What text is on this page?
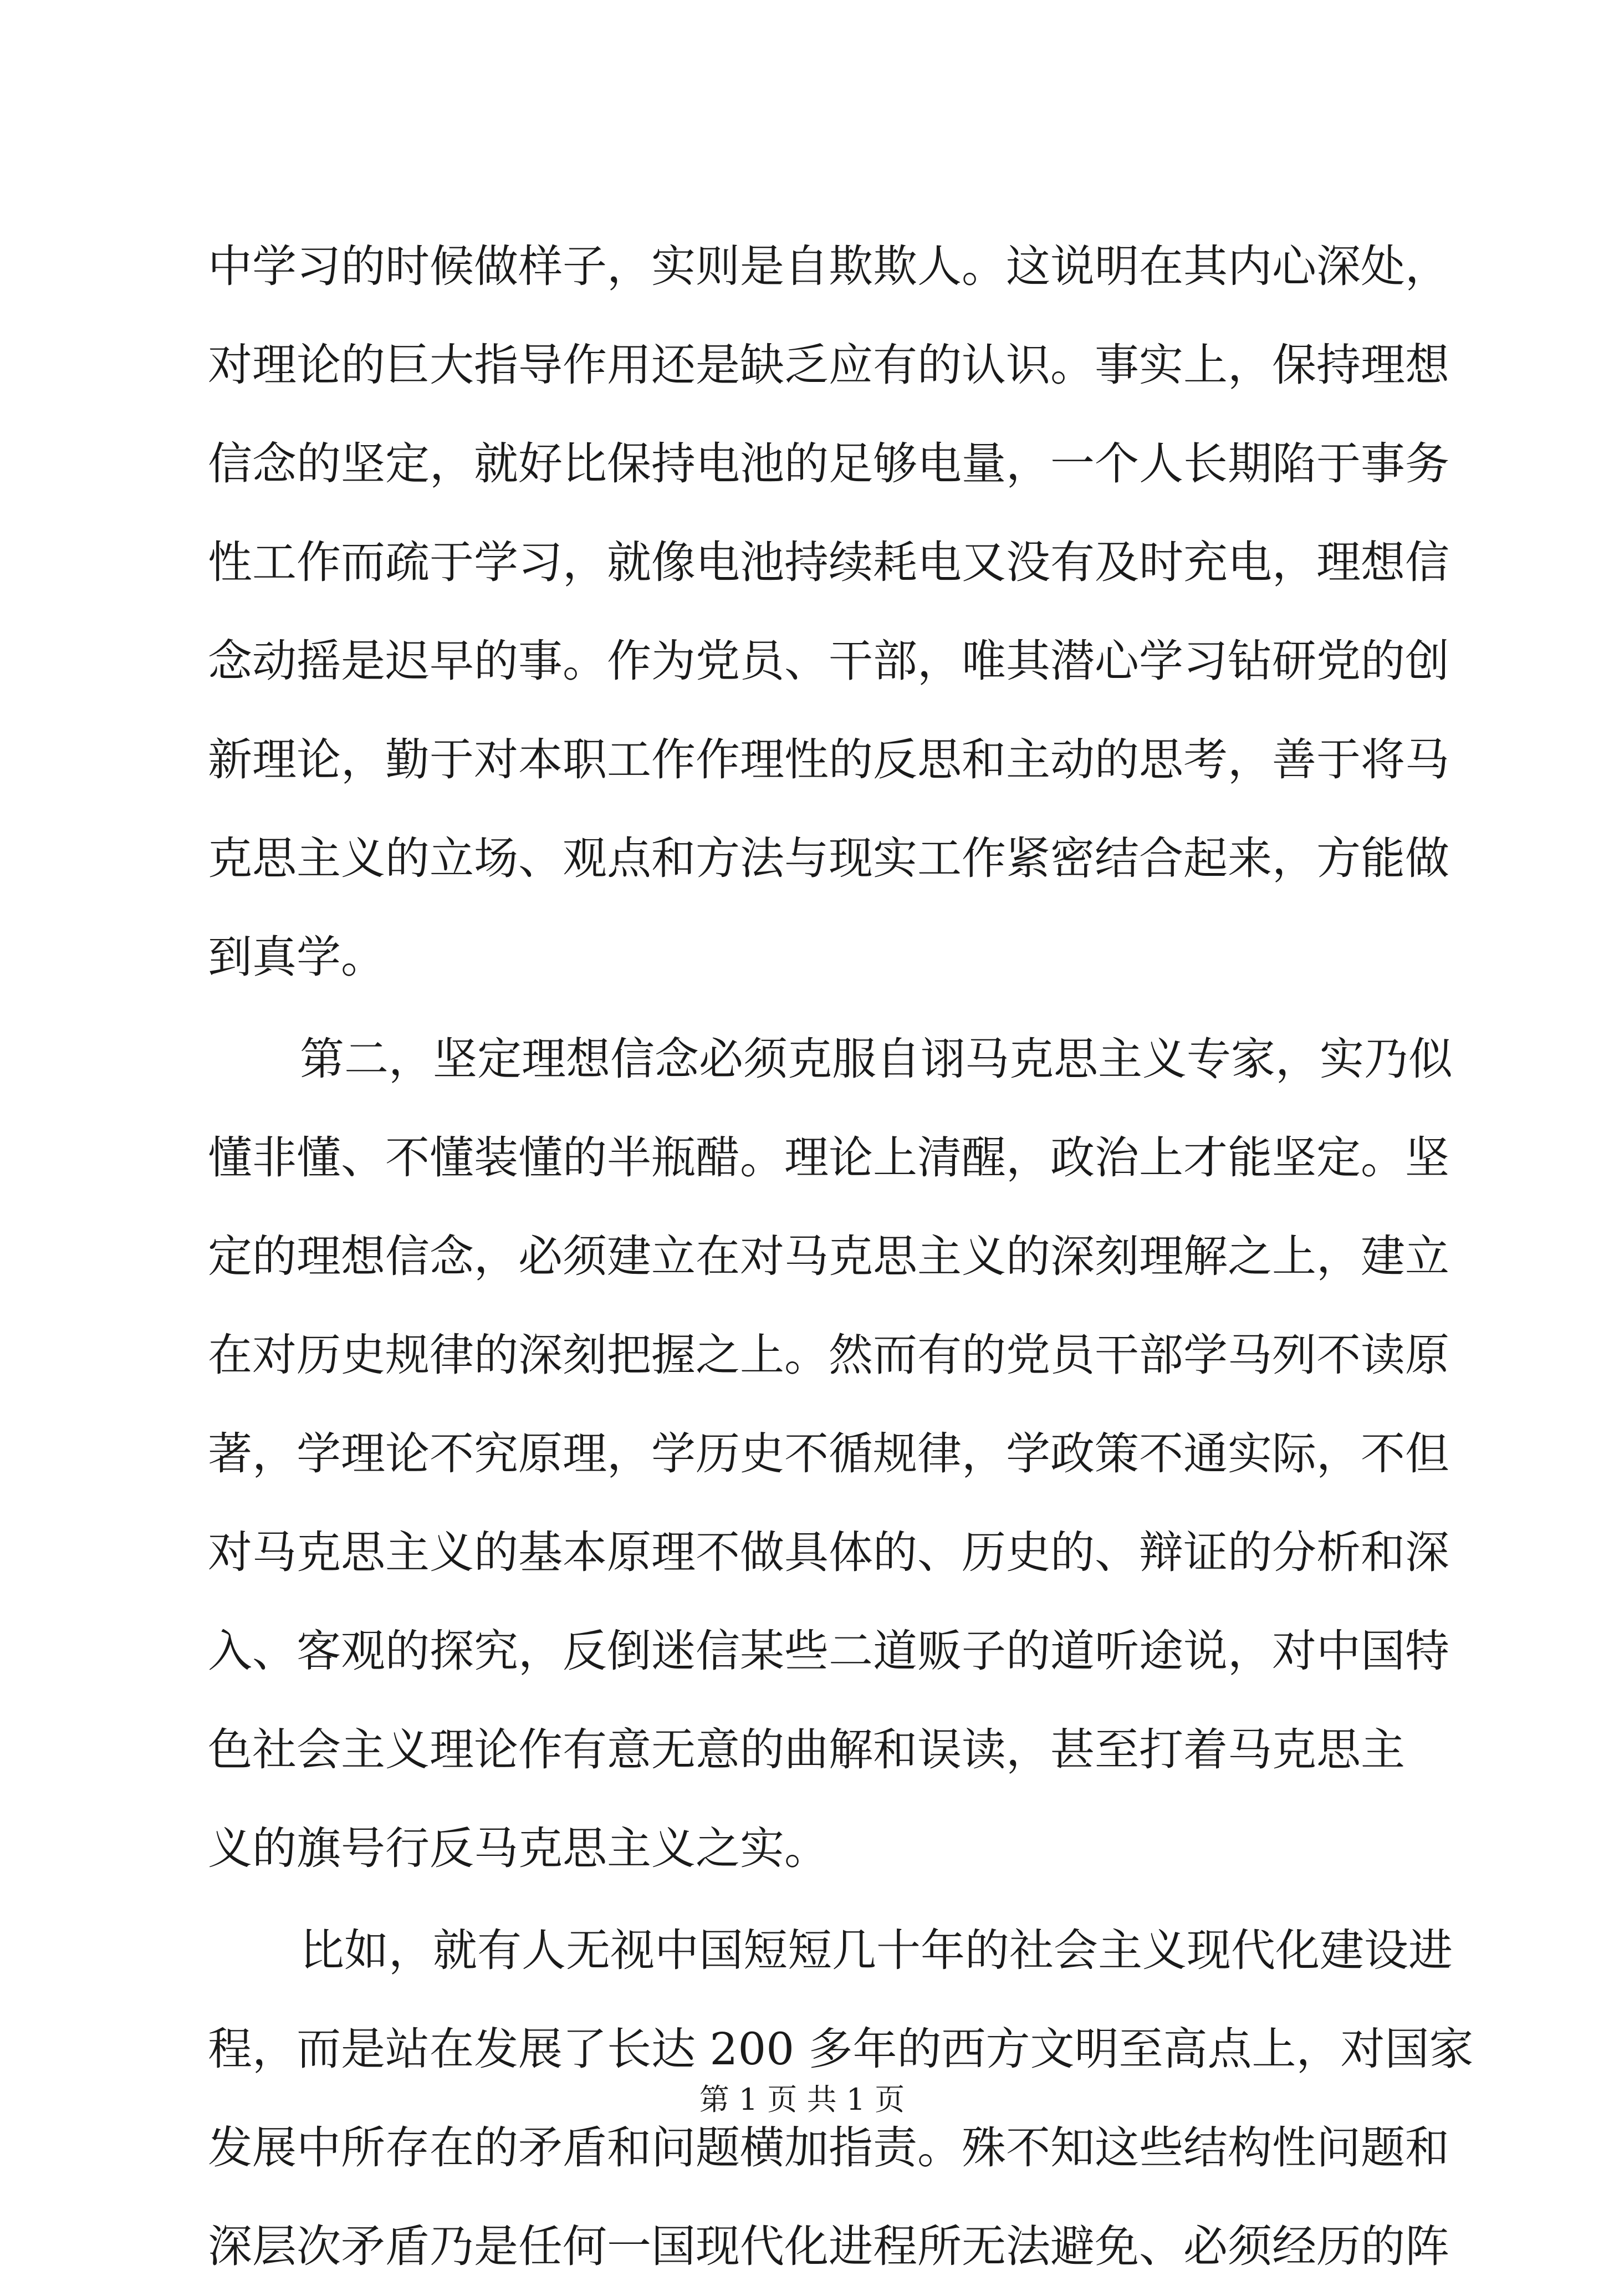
中学习的时候做样子，实则是自欺欺人。这说明在其内心深处，
对理论的巨大指导作用还是缺乏应有的认识。事实上，保持理想
信念的坚定，就好比保持电池的足够电量，一个人长期陷于事务
性工作而疏于学习，就像电池持续耗电又没有及时充电，理想信
念动摇是迟早的事。作为党员、干部，唯其潜心学习钻研党的创
新理论，勤于对本职工作作理性的反思和主动的思考，善于将马
克思主义的立场、观点和方法与现实工作紧密结合起来，方能做
到真学。
第二，坚定理想信念必须克服自诩马克思主义专家，实乃似
懂非懂、不懂装懂的半瓶醋。理论上清醒，政治上才能坚定。坚
定的理想信念，必须建立在对马克思主义的深刻理解之上，建立
在对历史规律的深刻把握之上。然而有的党员干部学马列不读原
著，学理论不究原理，学历史不循规律，学政策不通实际，不但
对马克思主义的基本原理不做具体的、历史的、辩证的分析和深
入、客观的探究，反倒迷信某些二道贩子的道听途说，对中国特
色社会主义理论作有意无意的曲解和误读，甚至打着马克思主
义的旗号行反马克思主义之实。
比如，就有人无视中国短短几十年的社会主义现代化建设进
程，而是站在发展了长达 200 多年的西方文明至高点上，对国家
发展中所存在的矛盾和问题横加指责。殊不知这些结构性问题和
深层次矛盾乃是任何一国现代化进程所无法避免、必须经历的阵
第 1 页 共 1 页
